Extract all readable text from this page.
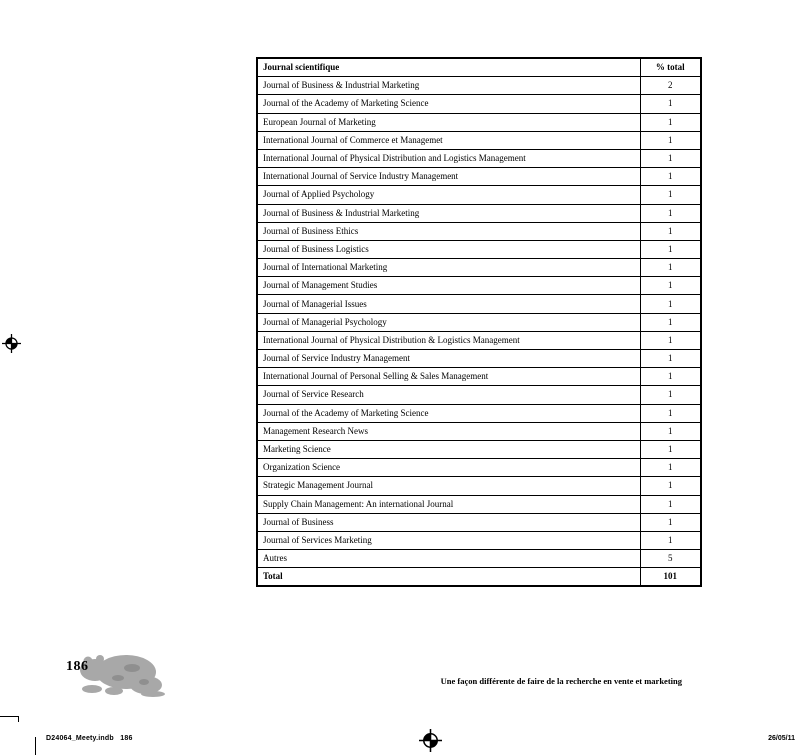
Journal scientifique	% total
Journal of Business & Industrial Marketing	2
Journal of the Academy of Marketing Science	1
European Journal of Marketing	1
International Journal of Commerce et Managemet	1
International Journal of Physical Distribution and Logistics Management	1
International Journal of Service Industry Management	1
Journal of Applied Psychology	1
Journal of Business & Industrial Marketing	1
Journal of Business Ethics	1
Journal of Business Logistics	1
Journal of International Marketing	1
Journal of Management Studies	1
Journal of Managerial Issues	1
Journal of Managerial Psychology	1
International Journal of Physical Distribution & Logistics Management	1
Journal of Service Industry Management	1
International Journal of Personal Selling & Sales Management	1
Journal of Service Research	1
Journal of the Academy of Marketing Science	1
Management Research News	1
Marketing Science	1
Organization Science	1
Strategic Management Journal	1
Supply Chain Management: An international Journal	1
Journal of Business	1
Journal of Services Marketing	1
Autres	5
Total	101
Une façon différente de faire de la recherche en vente et marketing
186
D24064_Meety.indb   186	26/05/11
